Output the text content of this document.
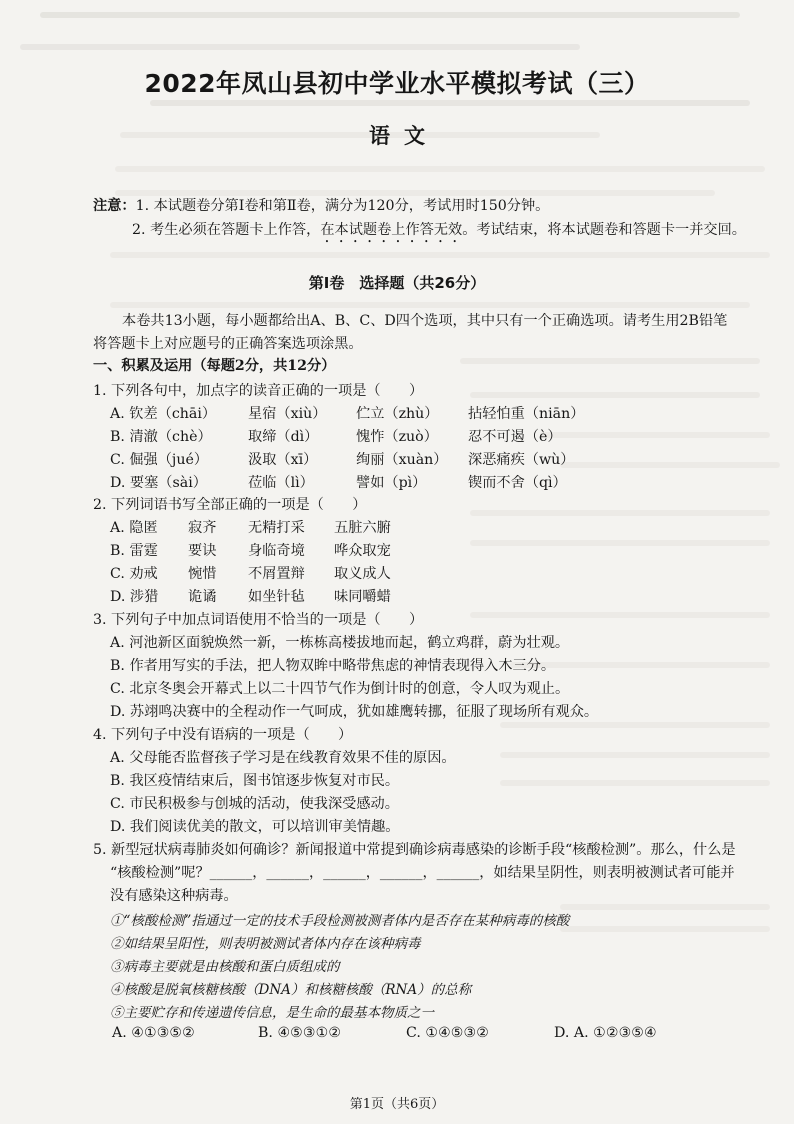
2022年凤山县初中学业水平模拟考试（三）
语文
注意： 1. 本试题卷分第Ⅰ卷和第Ⅱ卷，满分为120分，考试用时150分钟。
2. 考生必须在答题卡上作答，在本试题卷上作答无效。考试结束，将本试题卷和答题卡一并交回。
第Ⅰ卷　选择题（共26分）
本卷共13小题，每小题都给出A、B、C、D四个选项，其中只有一个正确选项。请考生用2B铅笔
将答题卡上对应题号的正确答案选项涂黑。
一、积累及运用（每题2分，共12分）
1. 下列各句中，加点字的读音正确的一项是（　　）
A. 钦差（chāi） 星宿（xiù） 伫立（zhù） 拈轻怕重（niān）
B. 清澈（chè）	取缔（dì）	愧怍（zuò） 忍不可遏（è）
C. 倔强（jué）	汲取（xī）	绚丽（xuàn） 深恶痛疾（wù）
D. 要塞（sài）	莅临（lì）	譬如（pì）	锲而不舍（qì）
2. 下列词语书写全部正确的一项是（　　）
A. 隐匿 寂齐 无精打采 五脏六腑
B. 雷霆 要诀 身临奇境 哗众取宠
C. 劝戒 惋惜 不屑置辩 取义成人
D. 涉猎 诡谲 如坐针毡 味同嚼蜡
3. 下列句子中加点词语使用不恰当的一项是（　　）
A. 河池新区面貌焕然一新，一栋栋高楼拔地而起，鹤立鸡群，蔚为壮观。
B. 作者用写实的手法，把人物双眸中略带焦虑的神情表现得入木三分。
C. 北京冬奥会开幕式上以二十四节气作为倒计时的创意，令人叹为观止。
D. 苏翊鸣决赛中的全程动作一气呵成，犹如雄鹰转挪，征服了现场所有观众。
4. 下列句子中没有语病的一项是（　　）
A. 父母能否监督孩子学习是在线教育效果不佳的原因。
B. 我区疫情结束后，图书馆逐步恢复对市民。
C. 市民积极参与创城的活动，使我深受感动。
D. 我们阅读优美的散文，可以培训审美情趣。
5. 新型冠状病毒肺炎如何确诊？新闻报道中常提到确诊病毒感染的诊断手段“核酸检测”。那么，什么是
“核酸检测”呢？______，______，______，______，______，如结果呈阴性，则表明被测试者可能并
没有感染这种病毒。
①“核酸检测”指通过一定的技术手段检测被测者体内是否存在某种病毒的核酸
②如结果呈阳性，则表明被测试者体内存在该种病毒
③病毒主要就是由核酸和蛋白质组成的
④核酸是脱氧核糖核酸（DNA）和核糖核酸（RNA）的总称
⑤主要贮存和传递遗传信息，是生命的最基本物质之一
A. ④①③⑤②	B. ④⑤③①②	C. ①④⑤③②	D. A. ①②③⑤④
第1页（共6页）
